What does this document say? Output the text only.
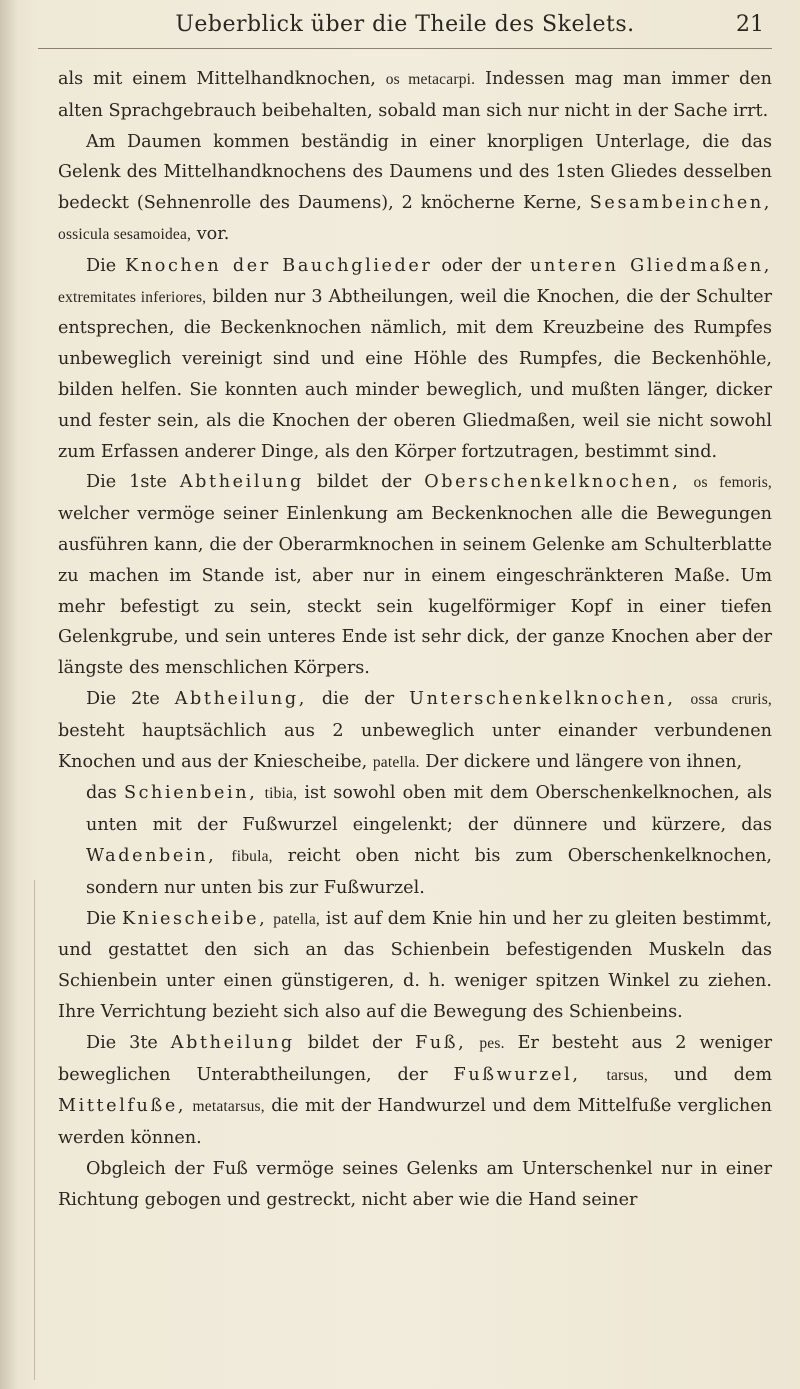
Ueberblick über die Theile des Skelets.	21

als mit einem Mittelhandknochen, os metacarpi. Indessen mag man immer den alten Sprachgebrauch beibehalten, sobald man sich nur nicht in der Sache irrt.

Am Daumen kommen beständig in einer knorpligen Unterlage, die das Gelenk des Mittelhandknochens des Daumens und des 1sten Gliedes desselben bedeckt (Sehnenrolle des Daumens), 2 knöcherne Kerne, Sesambeinchen, ossicula sesamoidea, vor.

Die Knochen der Bauchglieder oder der unteren Gliedmaßen, extremitates inferiores, bilden nur 3 Abtheilungen, weil die Knochen, die der Schulter entsprechen, die Beckenknochen nämlich, mit dem Kreuzbeine des Rumpfes unbeweglich vereinigt sind und eine Höhle des Rumpfes, die Beckenhöhle, bilden helfen. Sie konnten auch minder beweglich, und mußten länger, dicker und fester sein, als die Knochen der oberen Gliedmaßen, weil sie nicht sowohl zum Erfassen anderer Dinge, als den Körper fortzutragen, bestimmt sind.

Die 1ste Abtheilung bildet der Oberschenkelknochen, os femoris, welcher vermöge seiner Einlenkung am Beckenknochen alle die Bewegungen ausführen kann, die der Oberarmknochen in seinem Gelenke am Schulterblatte zu machen im Stande ist, aber nur in einem eingeschränkteren Maße. Um mehr befestigt zu sein, steckt sein kugelförmiger Kopf in einer tiefen Gelenkgrube, und sein unteres Ende ist sehr dick, der ganze Knochen aber der längste des menschlichen Körpers.

Die 2te Abtheilung, die der Unterschenkelknochen, ossa cruris, besteht hauptsächlich aus 2 unbeweglich unter einander verbundenen Knochen und aus der Kniescheibe, patella. Der dickere und längere von ihnen,

das Schienbein, tibia, ist sowohl oben mit dem Oberschenkelknochen, als unten mit der Fußwurzel eingelenkt; der dünnere und kürzere, das Wadenbein, fibula, reicht oben nicht bis zum Oberschenkelknochen, sondern nur unten bis zur Fußwurzel.

Die Kniescheibe, patella, ist auf dem Knie hin und her zu gleiten bestimmt, und gestattet den sich an das Schienbein befestigenden Muskeln das Schienbein unter einen günstigeren, d. h. weniger spitzen Winkel zu ziehen. Ihre Verrichtung bezieht sich also auf die Bewegung des Schienbeins.

Die 3te Abtheilung bildet der Fuß, pes. Er besteht aus 2 weniger beweglichen Unterabtheilungen, der Fußwurzel, tarsus, und dem Mittelfuße, metatarsus, die mit der Handwurzel und dem Mittelfuße verglichen werden können.

Obgleich der Fuß vermöge seines Gelenks am Unterschenkel nur in einer Richtung gebogen und gestreckt, nicht aber wie die Hand seiner
